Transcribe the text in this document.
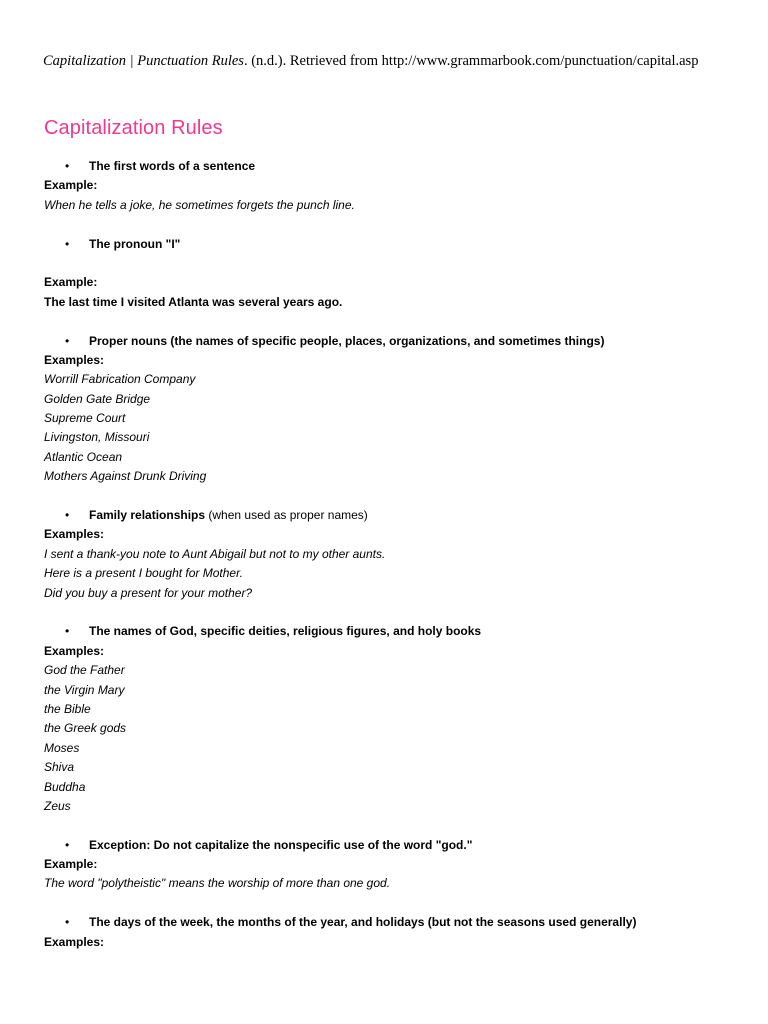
Capitalization | Punctuation Rules. (n.d.). Retrieved from http://www.grammarbook.com/punctuation/capital.asp
Capitalization Rules
• The first words of a sentence
Example:
When he tells a joke, he sometimes forgets the punch line.
• The pronoun "I"
Example:
The last time I visited Atlanta was several years ago.
• Proper nouns (the names of specific people, places, organizations, and sometimes things)
Examples:
Worrill Fabrication Company
Golden Gate Bridge
Supreme Court
Livingston, Missouri
Atlantic Ocean
Mothers Against Drunk Driving
• Family relationships (when used as proper names)
Examples:
I sent a thank-you note to Aunt Abigail but not to my other aunts.
Here is a present I bought for Mother.
Did you buy a present for your mother?
• The names of God, specific deities, religious figures, and holy books
Examples:
God the Father
the Virgin Mary
the Bible
the Greek gods
Moses
Shiva
Buddha
Zeus
• Exception: Do not capitalize the nonspecific use of the word "god."
Example:
The word "polytheistic" means the worship of more than one god.
• The days of the week, the months of the year, and holidays (but not the seasons used generally)
Examples:
